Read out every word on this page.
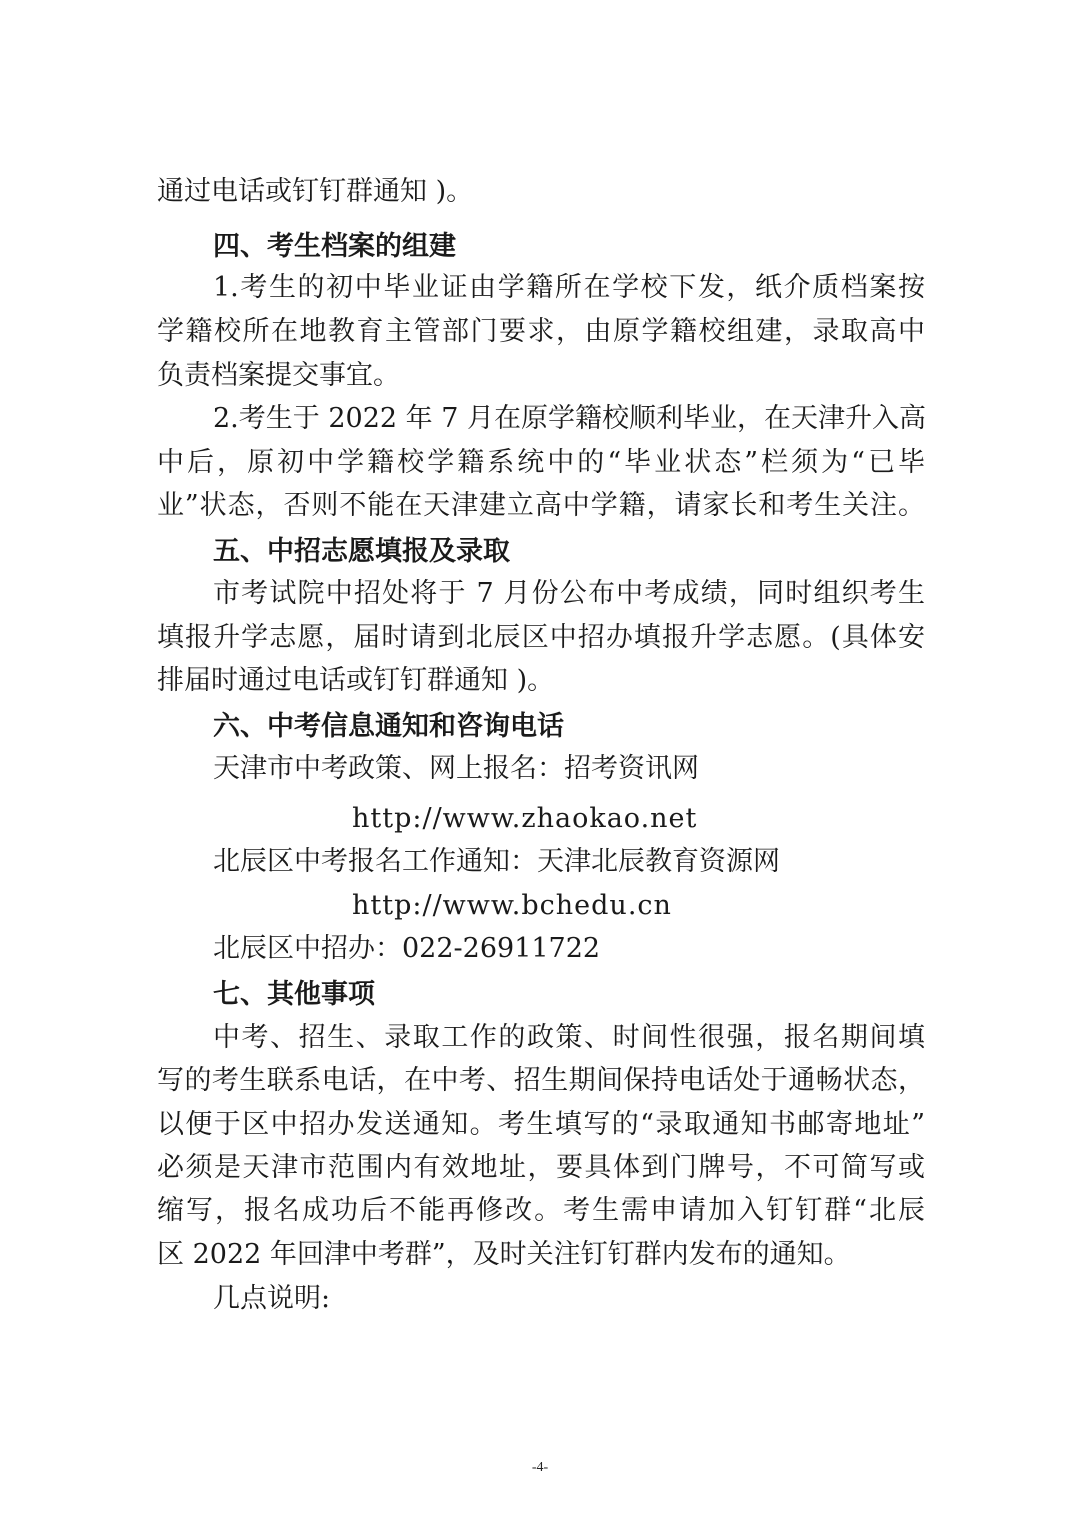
通过电话或钉钉群通知 )。
四、考生档案的组建
1.考生的初中毕业证由学籍所在学校下发，纸介质档案按
学籍校所在地教育主管部门要求，由原学籍校组建，录取高中
负责档案提交事宜。
2.考生于 2022 年 7 月在原学籍校顺利毕业，在天津升入高
中后，原初中学籍校学籍系统中的“毕业状态”栏须为“已毕
业”状态，否则不能在天津建立高中学籍，请家长和考生关注。
五、中招志愿填报及录取
市考试院中招处将于 7 月份公布中考成绩，同时组织考生
填报升学志愿，届时请到北辰区中招办填报升学志愿。(具体安
排届时通过电话或钉钉群通知 )。
六、中考信息通知和咨询电话
天津市中考政策、网上报名：招考资讯网
http://www.zhaokao.net
北辰区中考报名工作通知：天津北辰教育资源网
http://www.bchedu.cn
北辰区中招办：022-26911722
七、其他事项
中考、招生、录取工作的政策、时间性很强，报名期间填
写的考生联系电话，在中考、招生期间保持电话处于通畅状态，
以便于区中招办发送通知。考生填写的“录取通知书邮寄地址”
必须是天津市范围内有效地址，要具体到门牌号，不可简写或
缩写，报名成功后不能再修改。考生需申请加入钉钉群“北辰
区 2022 年回津中考群”，及时关注钉钉群内发布的通知。
几点说明:
-4-
